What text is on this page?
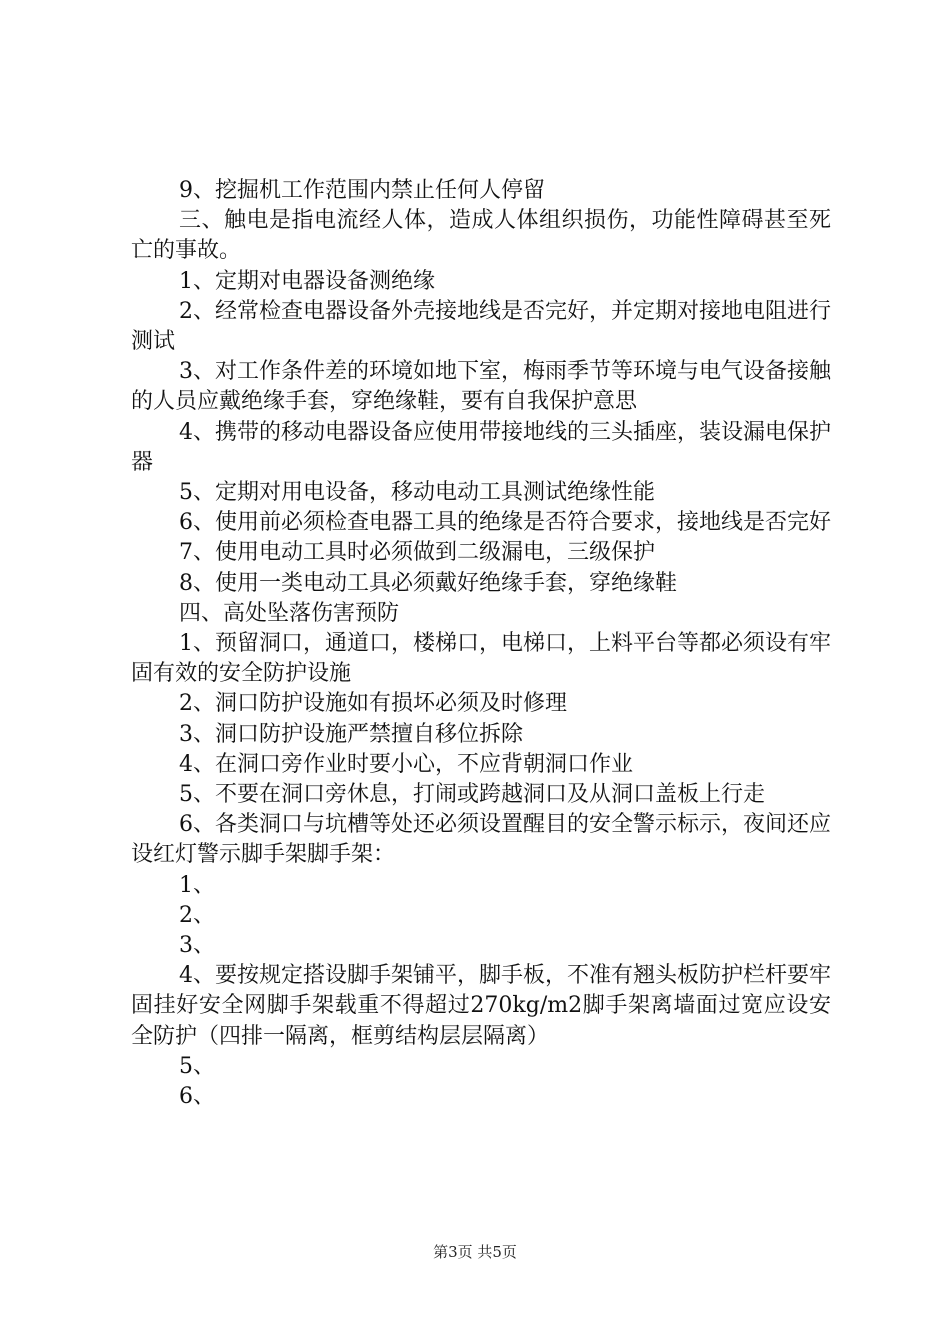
9、挖掘机工作范围内禁止任何人停留

三、触电是指电流经人体，造成人体组织损伤，功能性障碍甚至死亡的事故。

1、定期对电器设备测绝缘

2、经常检查电器设备外壳接地线是否完好，并定期对接地电阻进行测试

3、对工作条件差的环境如地下室，梅雨季节等环境与电气设备接触的人员应戴绝缘手套，穿绝缘鞋，要有自我保护意思

4、携带的移动电器设备应使用带接地线的三头插座，装设漏电保护器

5、定期对用电设备，移动电动工具测试绝缘性能

6、使用前必须检查电器工具的绝缘是否符合要求，接地线是否完好

7、使用电动工具时必须做到二级漏电，三级保护

8、使用一类电动工具必须戴好绝缘手套，穿绝缘鞋

四、高处坠落伤害预防

1、预留洞口，通道口，楼梯口，电梯口，上料平台等都必须设有牢固有效的安全防护设施

2、洞口防护设施如有损坏必须及时修理

3、洞口防护设施严禁擅自移位拆除

4、在洞口旁作业时要小心，不应背朝洞口作业

5、不要在洞口旁休息，打闹或跨越洞口及从洞口盖板上行走

6、各类洞口与坑槽等处还必须设置醒目的安全警示标示，夜间还应设红灯警示脚手架脚手架：

1、

2、

3、

4、要按规定搭设脚手架铺平，脚手板，不准有翘头板防护栏杆要牢固挂好安全网脚手架载重不得超过270kg/m2脚手架离墙面过宽应设安全防护（四排一隔离，框剪结构层层隔离）

5、

6、

第3页 共5页
